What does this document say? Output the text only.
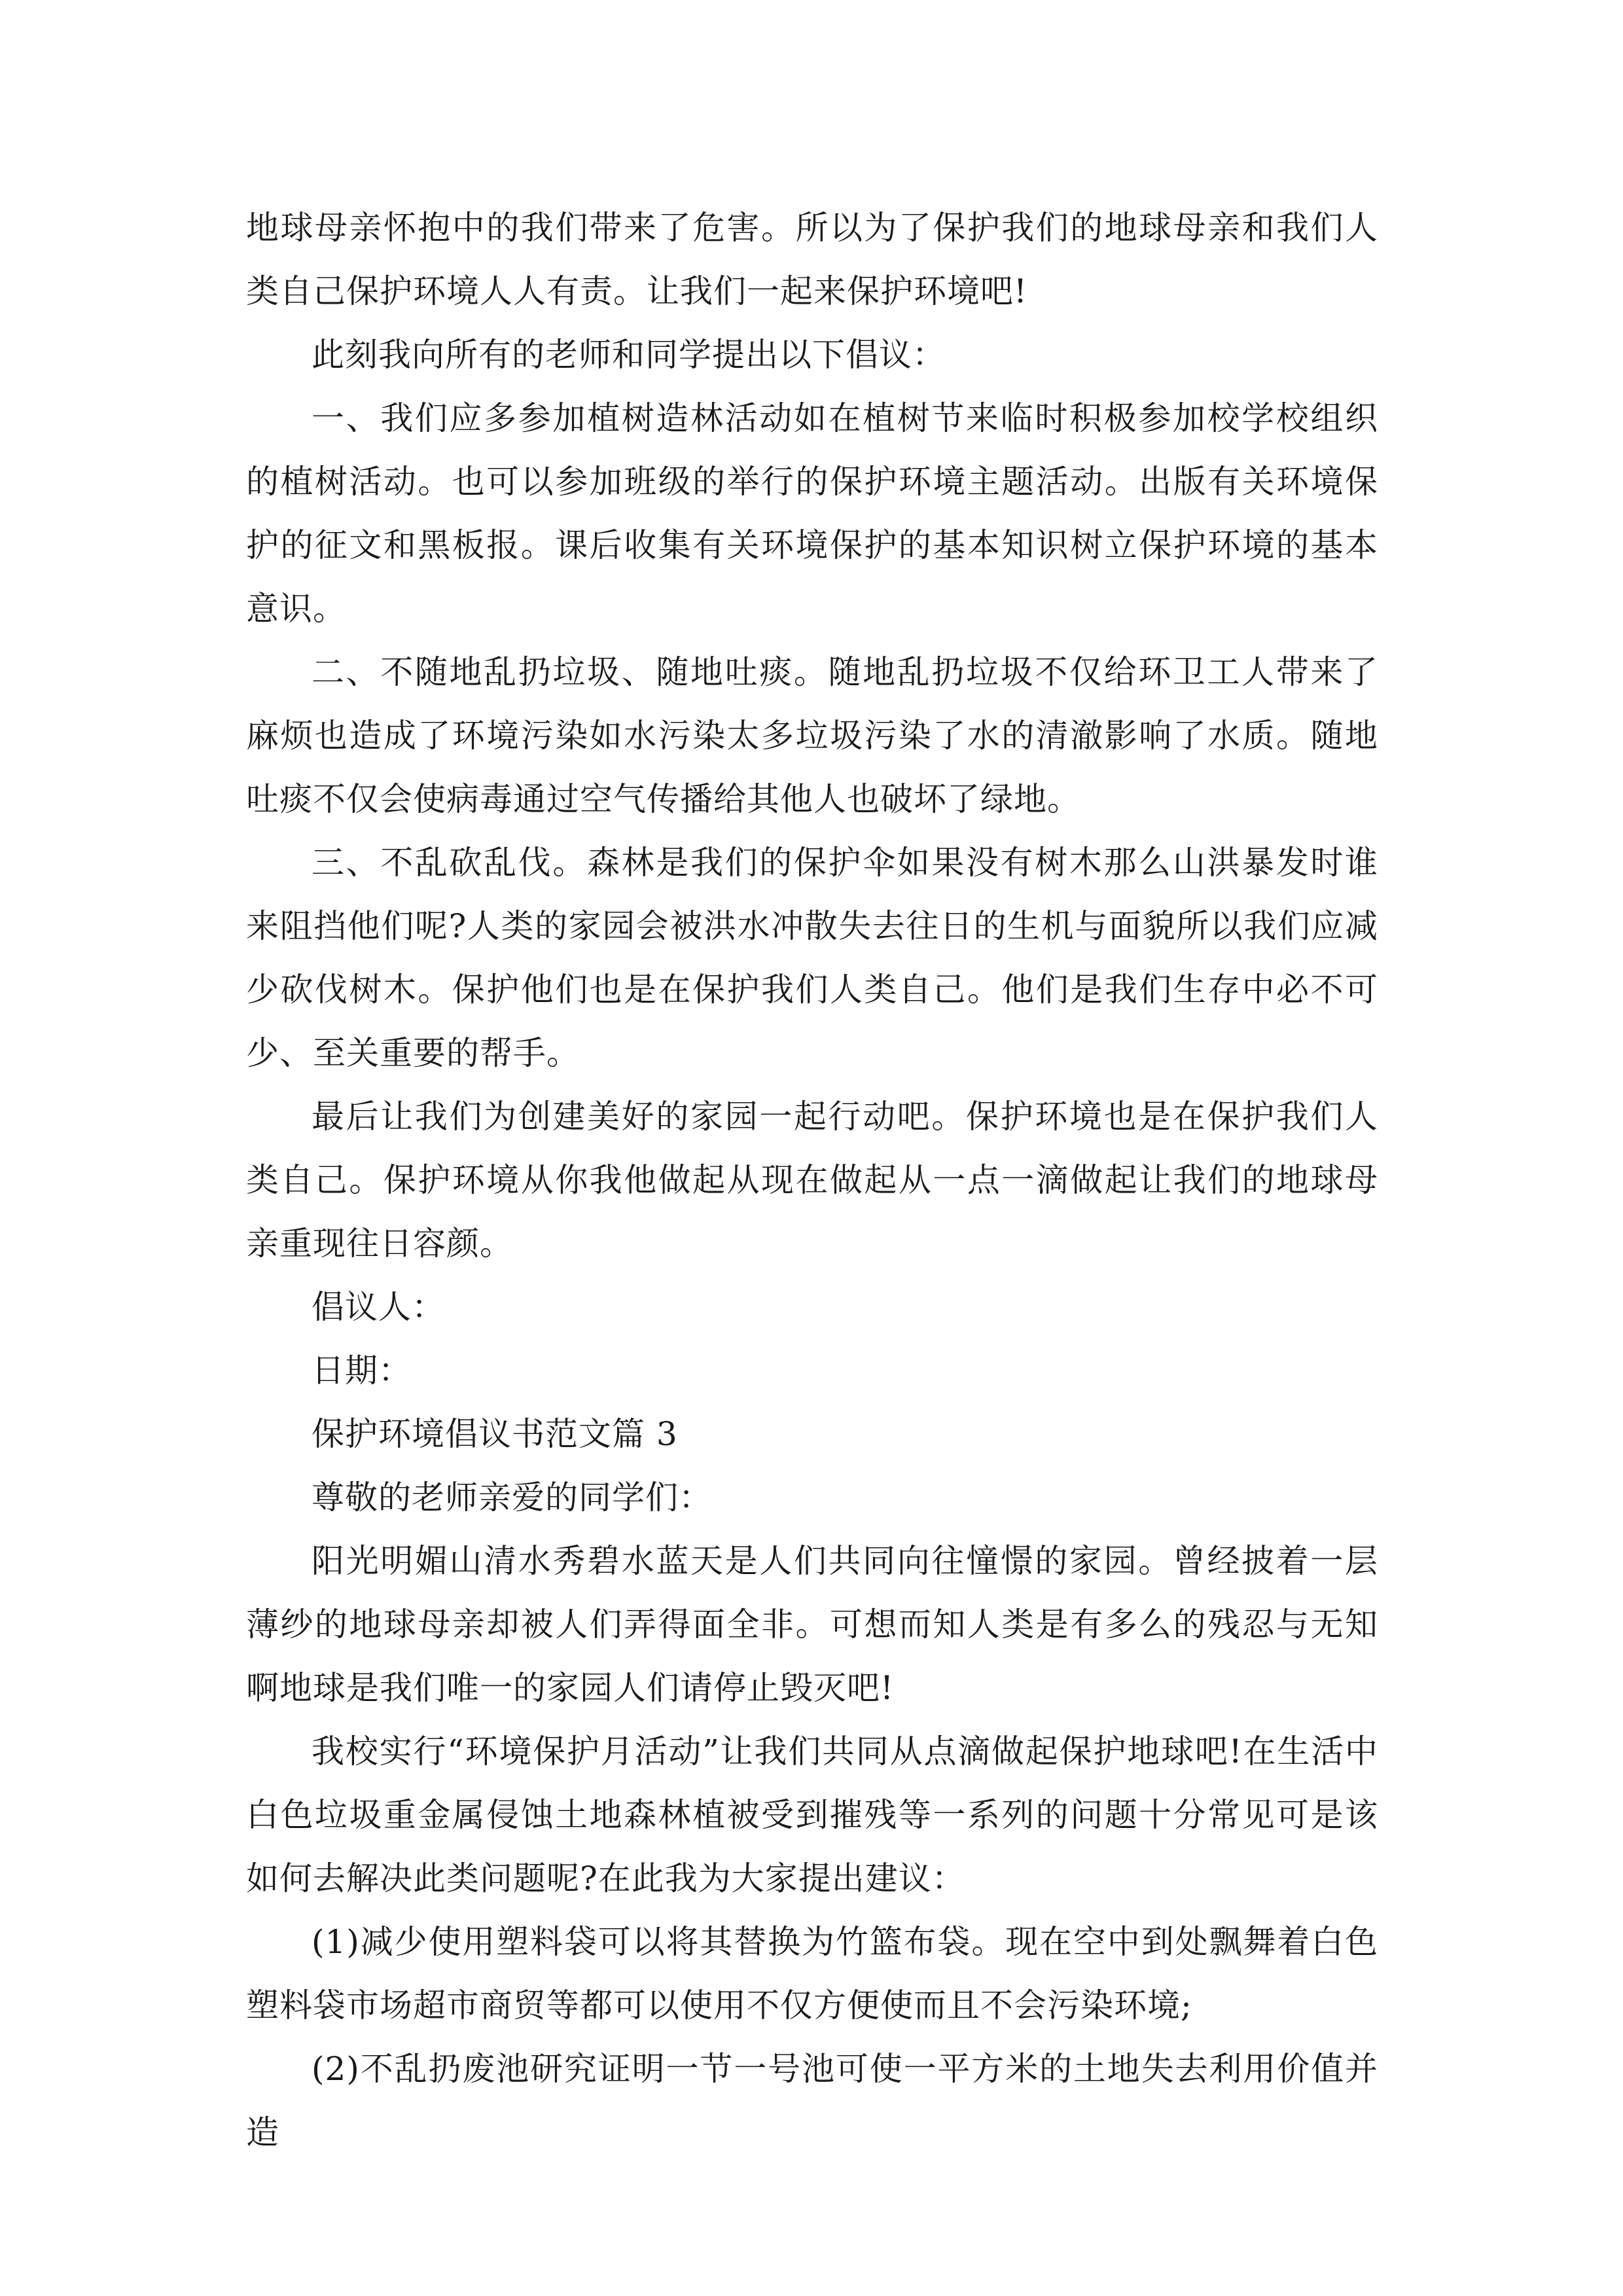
地球母亲怀抱中的我们带来了危害。所以为了保护我们的地球母亲和我们人类自己保护环境人人有责。让我们一起来保护环境吧!

此刻我向所有的老师和同学提出以下倡议：

一、我们应多参加植树造林活动如在植树节来临时积极参加校学校组织的植树活动。也可以参加班级的举行的保护环境主题活动。出版有关环境保护的征文和黑板报。课后收集有关环境保护的基本知识树立保护环境的基本意识。

二、不随地乱扔垃圾、随地吐痰。随地乱扔垃圾不仅给环卫工人带来了麻烦也造成了环境污染如水污染太多垃圾污染了水的清澈影响了水质。随地吐痰不仅会使病毒通过空气传播给其他人也破坏了绿地。

三、不乱砍乱伐。森林是我们的保护伞如果没有树木那么山洪暴发时谁来阻挡他们呢?人类的家园会被洪水冲散失去往日的生机与面貌所以我们应减少砍伐树木。保护他们也是在保护我们人类自己。他们是我们生存中必不可少、至关重要的帮手。

最后让我们为创建美好的家园一起行动吧。保护环境也是在保护我们人类自己。保护环境从你我他做起从现在做起从一点一滴做起让我们的地球母亲重现往日容颜。

倡议人：

日期：

保护环境倡议书范文篇 3

尊敬的老师亲爱的同学们：

阳光明媚山清水秀碧水蓝天是人们共同向往憧憬的家园。曾经披着一层薄纱的地球母亲却被人们弄得面全非。可想而知人类是有多么的残忍与无知啊地球是我们唯一的家园人们请停止毁灭吧!

我校实行“环境保护月活动”让我们共同从点滴做起保护地球吧!在生活中白色垃圾重金属侵蚀土地森林植被受到摧残等一系列的问题十分常见可是该如何去解决此类问题呢?在此我为大家提出建议：

(1)减少使用塑料袋可以将其替换为竹篮布袋。现在空中到处飘舞着白色塑料袋市场超市商贸等都可以使用不仅方便使而且不会污染环境;

(2)不乱扔废池研究证明一节一号池可使一平方米的土地失去利用价值并造
